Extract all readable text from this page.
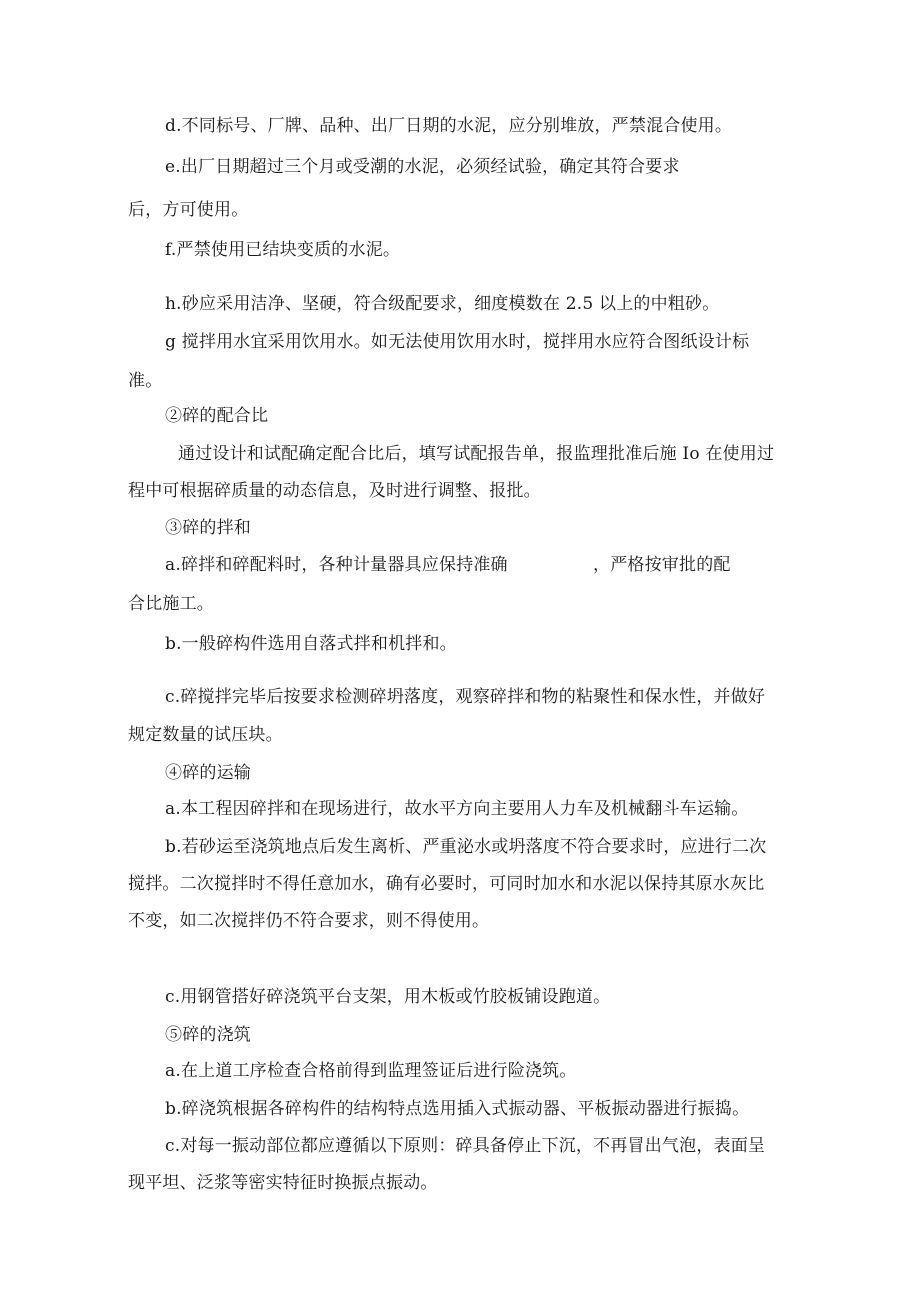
d.不同标号、厂牌、品种、出厂日期的水泥，应分别堆放，严禁混合使用。
e.出厂日期超过三个月或受潮的水泥，必须经试验，确定其符合要求
后，方可使用。
f.严禁使用已结块变质的水泥。
h.砂应采用洁净、坚硬，符合级配要求，细度模数在 2.5 以上的中粗砂。
g 搅拌用水宜采用饮用水。如无法使用饮用水时，搅拌用水应符合图纸设计标
准。
②碎的配合比
通过设计和试配确定配合比后，填写试配报告单，报监理批准后施 Io 在使用过
程中可根据碎质量的动态信息，及时进行调整、报批。
③碎的拌和
a.碎拌和碎配料时，各种计量器具应保持准确	，严格按审批的配
合比施工。
b.一般碎构件选用自落式拌和机拌和。
c.碎搅拌完毕后按要求检测碎坍落度，观察碎拌和物的粘聚性和保水性，并做好
规定数量的试压块。
④碎的运输
a.本工程因碎拌和在现场进行，故水平方向主要用人力车及机械翻斗车运输。
b.若砂运至浇筑地点后发生离析、严重泌水或坍落度不符合要求时，应进行二次
搅拌。二次搅拌时不得任意加水，确有必要时，可同时加水和水泥以保持其原水灰比
不变，如二次搅拌仍不符合要求，则不得使用。
c.用钢管搭好碎浇筑平台支架，用木板或竹胶板铺设跑道。
⑤碎的浇筑
a.在上道工序检查合格前得到监理签证后进行险浇筑。
b.碎浇筑根据各碎构件的结构特点选用插入式振动器、平板振动器进行振捣。
c.对每一振动部位都应遵循以下原则：碎具备停止下沉，不再冒出气泡，表面呈
现平坦、泛浆等密实特征时换振点振动。
